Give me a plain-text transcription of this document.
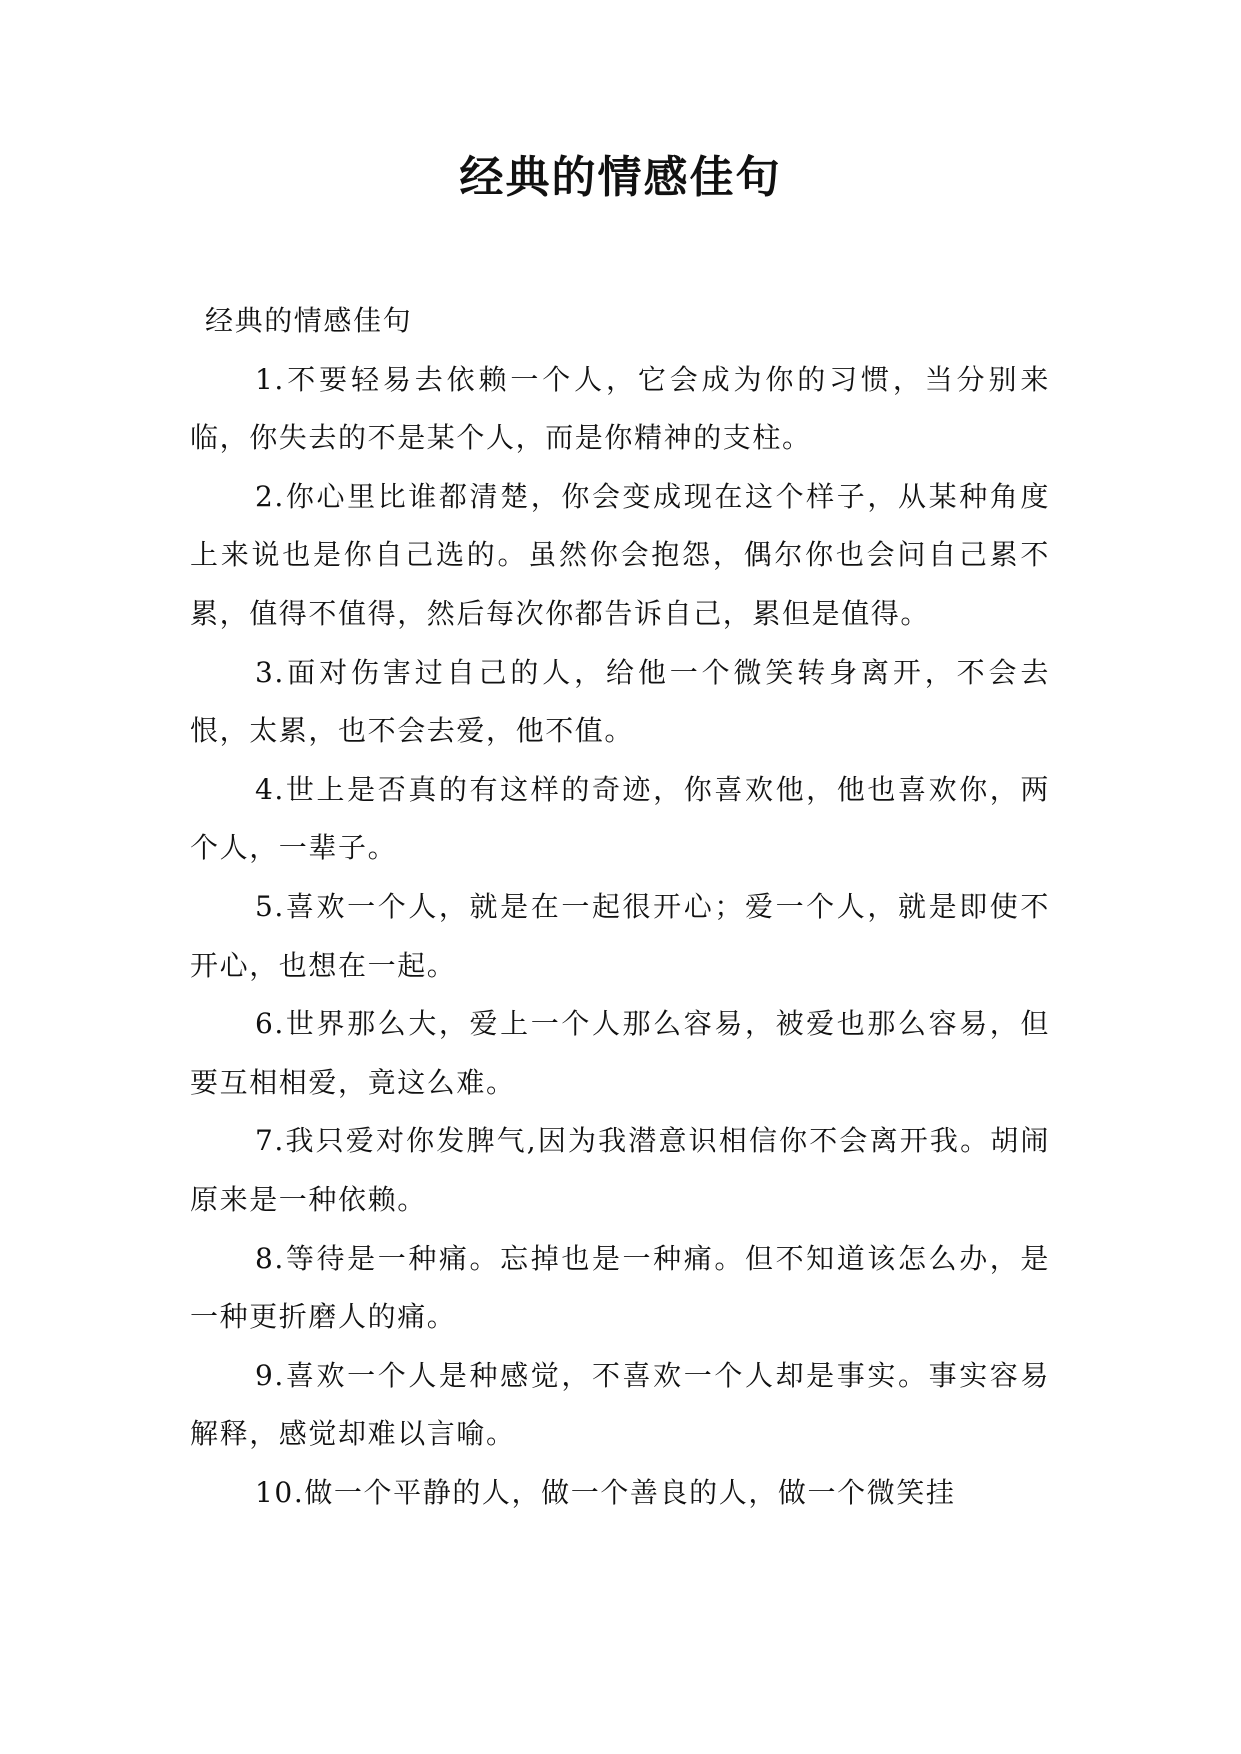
经典的情感佳句

经典的情感佳句

1.不要轻易去依赖一个人，它会成为你的习惯，当分别来临，你失去的不是某个人，而是你精神的支柱。

2.你心里比谁都清楚，你会变成现在这个样子，从某种角度上来说也是你自己选的。虽然你会抱怨，偶尔你也会问自己累不累，值得不值得，然后每次你都告诉自己，累但是值得。

3.面对伤害过自己的人，给他一个微笑转身离开，不会去恨，太累，也不会去爱，他不值。

4.世上是否真的有这样的奇迹，你喜欢他，他也喜欢你，两个人，一辈子。

5.喜欢一个人，就是在一起很开心；爱一个人，就是即使不开心，也想在一起。

6.世界那么大，爱上一个人那么容易，被爱也那么容易，但要互相相爱，竟这么难。

7.我只爱对你发脾气,因为我潜意识相信你不会离开我。胡闹原来是一种依赖。

8.等待是一种痛。忘掉也是一种痛。但不知道该怎么办，是一种更折磨人的痛。

9.喜欢一个人是种感觉，不喜欢一个人却是事实。事实容易解释，感觉却难以言喻。

10.做一个平静的人，做一个善良的人，做一个微笑挂
